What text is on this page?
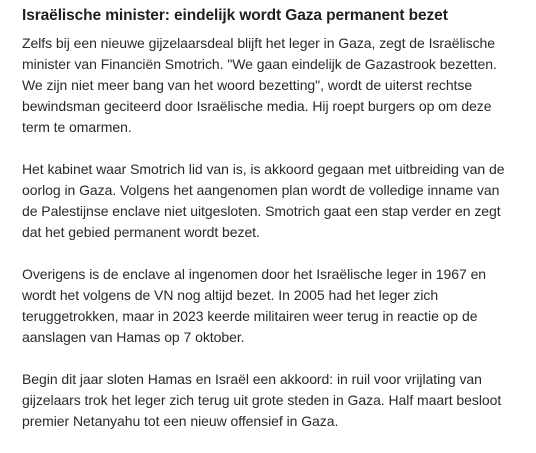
Israëlische minister: eindelijk wordt Gaza permanent bezet

Zelfs bij een nieuwe gijzelaarsdeal blijft het leger in Gaza, zegt de Israëlische
minister van Financiën Smotrich. "We gaan eindelijk de Gazastrook bezetten.
We zijn niet meer bang van het woord bezetting", wordt de uiterst rechtse
bewindsman geciteerd door Israëlische media. Hij roept burgers op om deze
term te omarmen.

Het kabinet waar Smotrich lid van is, is akkoord gegaan met uitbreiding van de
oorlog in Gaza. Volgens het aangenomen plan wordt de volledige inname van
de Palestijnse enclave niet uitgesloten. Smotrich gaat een stap verder en zegt
dat het gebied permanent wordt bezet.

Overigens is de enclave al ingenomen door het Israëlische leger in 1967 en
wordt het volgens de VN nog altijd bezet. In 2005 had het leger zich
teruggetrokken, maar in 2023 keerde militairen weer terug in reactie op de
aanslagen van Hamas op 7 oktober.

Begin dit jaar sloten Hamas en Israël een akkoord: in ruil voor vrijlating van
gijzelaars trok het leger zich terug uit grote steden in Gaza. Half maart besloot
premier Netanyahu tot een nieuw offensief in Gaza.
